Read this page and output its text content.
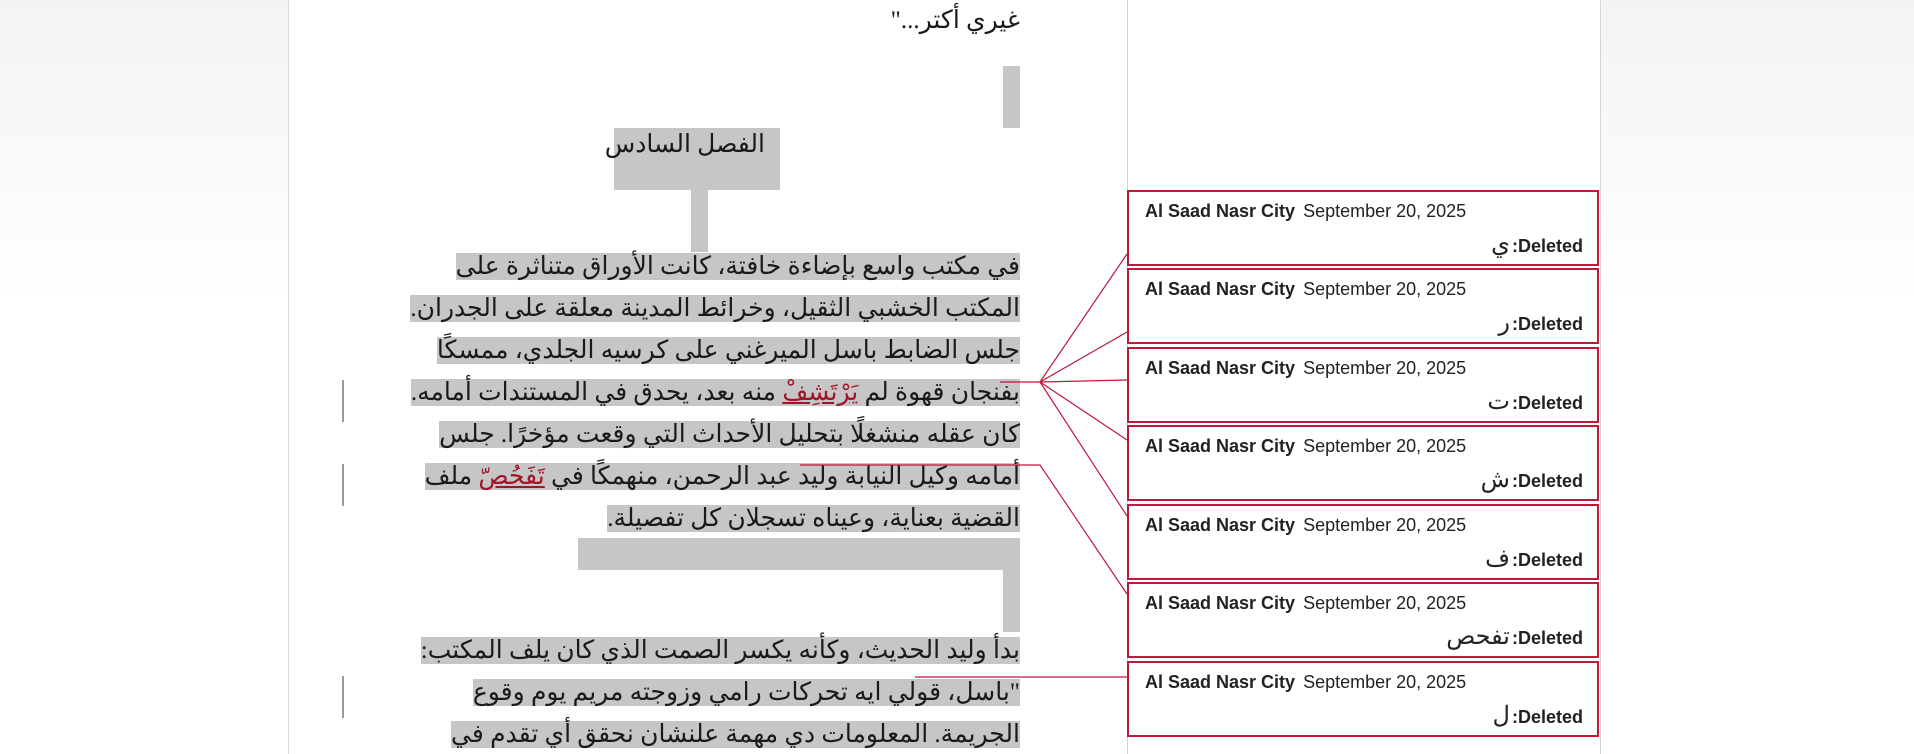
غيري أكتر..."
الفصل السادس
في مكتب واسع بإضاءة خافتة، كانت الأوراق متناثرة على
المكتب الخشبي الثقيل، وخرائط المدينة معلقة على الجدران.
جلس الضابط باسل الميرغني على كرسيه الجلدي، ممسكًا
بفنجان قهوة لم يَرْتَشِفْ منه بعد، يحدق في المستندات أمامه.
كان عقله منشغلًا بتحليل الأحداث التي وقعت مؤخرًا. جلس
أمامه وكيل النيابة وليد عبد الرحمن، منهمكًا في تَفَحُصّ ملف
القضية بعناية، وعيناه تسجلان كل تفصيلة.
بدأ وليد الحديث، وكأنه يكسر الصمت الذي كان يلف المكتب:
"باسل، قولي ايه تحركات رامي وزوجته مريم يوم وقوع
الجريمة. المعلومات دي مهمة علنشان نحقق أي تقدم في
Al Saad Nasr City September 20, 2025
Deleted:ي
Al Saad Nasr City September 20, 2025
Deleted:ر
Al Saad Nasr City September 20, 2025
Deleted:ت
Al Saad Nasr City September 20, 2025
Deleted:ش
Al Saad Nasr City September 20, 2025
Deleted:ف
Al Saad Nasr City September 20, 2025
Deleted:تفحص
Al Saad Nasr City September 20, 2025
Deleted:ل
